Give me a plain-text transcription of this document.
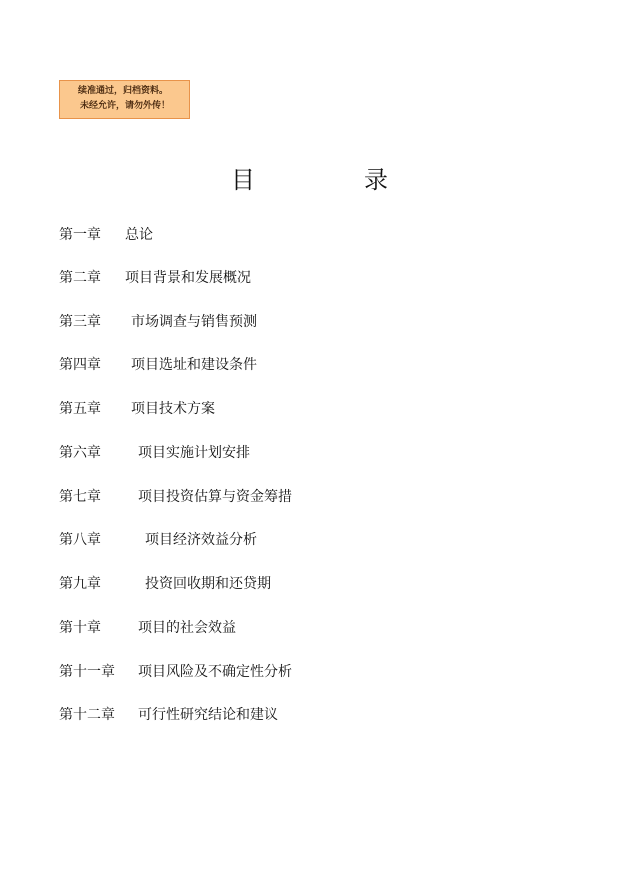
续准通过，归档资料。
未经允许，请勿外传！
目	录
第一章 总论
第二章 项目背景和发展概况
第三章 市场调查与销售预测
第四章 项目选址和建设条件
第五章 项目技术方案
第六章	项目实施计划安排
第七章	项目投资估算与资金筹措
第八章	项目经济效益分析
第九章	投资回收期和还贷期
第十章	项目的社会效益
第十一章 项目风险及不确定性分析
第十二章 可行性研究结论和建议
